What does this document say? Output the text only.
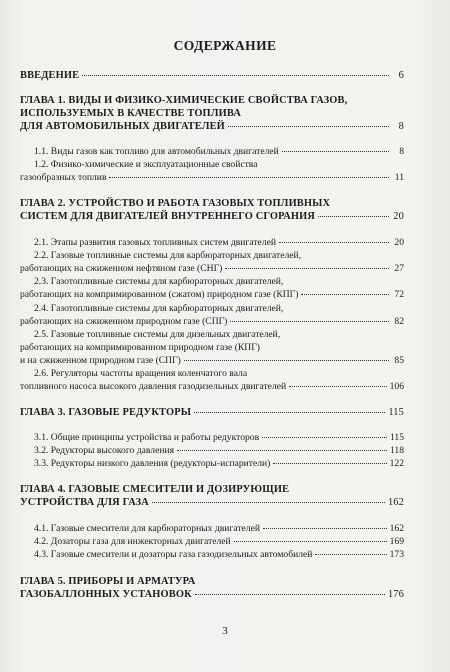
СОДЕРЖАНИЕ
ВВЕДЕНИЕ	6
ГЛАВА 1. ВИДЫ И ФИЗИКО-ХИМИЧЕСКИЕ СВОЙСТВА ГАЗОВ,
ИСПОЛЬЗУЕМЫХ В КАЧЕСТВЕ ТОПЛИВА
ДЛЯ АВТОМОБИЛЬНЫХ ДВИГАТЕЛЕЙ	8
1.1. Виды газов как топливо для автомобильных двигателей	8
1.2. Физико-химические и эксплуатационные свойства
газообразных топлив	11
ГЛАВА 2. УСТРОЙСТВО И РАБОТА ГАЗОВЫХ ТОПЛИВНЫХ
СИСТЕМ ДЛЯ ДВИГАТЕЛЕЙ ВНУТРЕННЕГО СГОРАНИЯ	20
2.1. Этапы развития газовых топливных систем двигателей	20
2.2. Газовые топливные системы для карбюраторных двигателей,
работающих на сжиженном нефтяном газе (СНГ)	27
2.3. Газотопливные системы для карбюраторных двигателей,
работающих на компримированном (сжатом) природном газе (КПГ)	72
2.4. Газотопливные системы для карбюраторных двигателей,
работающих на сжиженном природном газе (СПГ)	82
2.5. Газовые топливные системы для дизельных двигателей,
работающих на компримированном природном газе (КПГ)
и на сжиженном природном газе (СПГ)	85
2.6. Регуляторы частоты вращения коленчатого вала
топливного насоса высокого давления газодизельных двигателей	106
ГЛАВА 3. ГАЗОВЫЕ РЕДУКТОРЫ	115
3.1. Общие принципы устройства и работы редукторов	115
3.2. Редукторы высокого давления	118
3.3. Редукторы низкого давления (редукторы-испарители)	122
ГЛАВА 4. ГАЗОВЫЕ СМЕСИТЕЛИ И ДОЗИРУЮЩИЕ
УСТРОЙСТВА ДЛЯ ГАЗА	162
4.1. Газовые смесители для карбюраторных двигателей	162
4.2. Дозаторы газа для инжекторных двигателей	169
4.3. Газовые смесители и дозаторы газа газодизельных автомобилей	173
ГЛАВА 5. ПРИБОРЫ И АРМАТУРА
ГАЗОБАЛЛОННЫХ УСТАНОВОК	176
3
